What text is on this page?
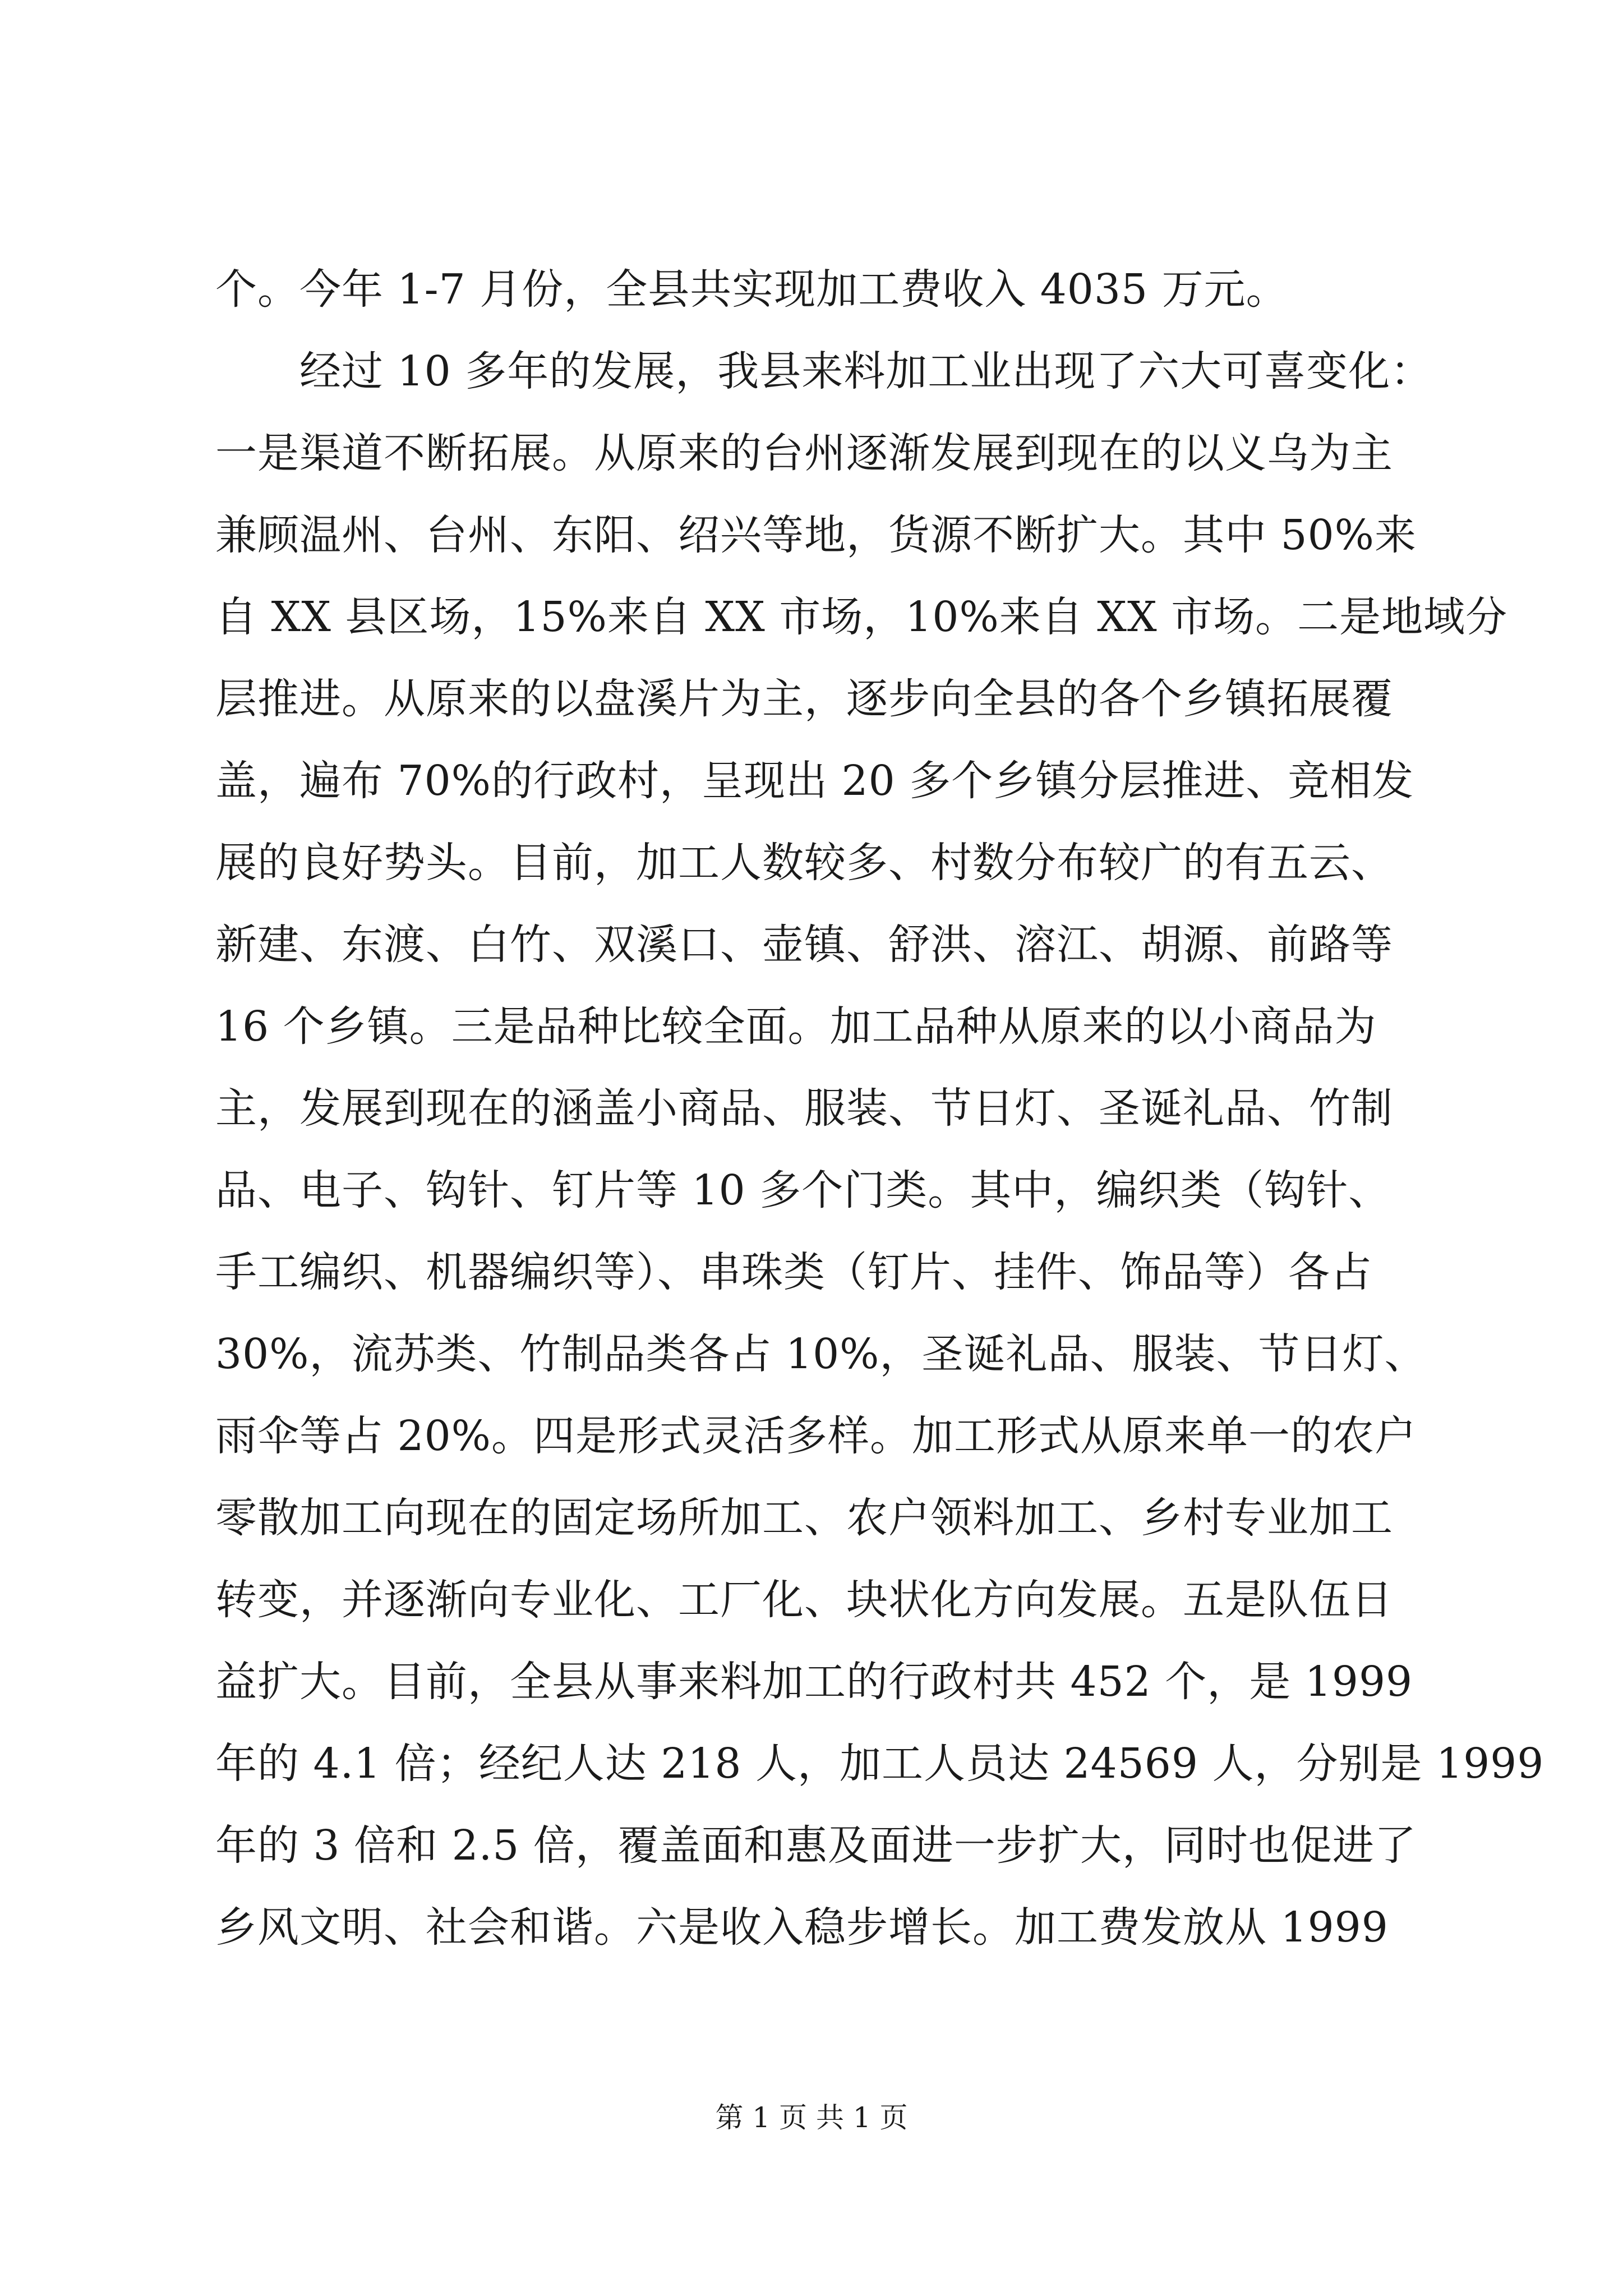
个。今年 1-7 月份，全县共实现加工费收入 4035 万元。
　　经过 10 多年的发展，我县来料加工业出现了六大可喜变化：
一是渠道不断拓展。从原来的台州逐渐发展到现在的以义乌为主
兼顾温州、台州、东阳、绍兴等地，货源不断扩大。其中 50%来
自 XX 县区场，15%来自 XX 市场，10%来自 XX 市场。二是地域分
层推进。从原来的以盘溪片为主，逐步向全县的各个乡镇拓展覆
盖，遍布 70%的行政村，呈现出 20 多个乡镇分层推进、竞相发
展的良好势头。目前，加工人数较多、村数分布较广的有五云、
新建、东渡、白竹、双溪口、壶镇、舒洪、溶江、胡源、前路等
16 个乡镇。三是品种比较全面。加工品种从原来的以小商品为
主，发展到现在的涵盖小商品、服装、节日灯、圣诞礼品、竹制
品、电子、钩针、钉片等 10 多个门类。其中，编织类（钩针、
手工编织、机器编织等）、串珠类（钉片、挂件、饰品等）各占
30%，流苏类、竹制品类各占 10%，圣诞礼品、服装、节日灯、
雨伞等占 20%。四是形式灵活多样。加工形式从原来单一的农户
零散加工向现在的固定场所加工、农户领料加工、乡村专业加工
转变，并逐渐向专业化、工厂化、块状化方向发展。五是队伍日
益扩大。目前，全县从事来料加工的行政村共 452 个，是 1999
年的 4.1 倍；经纪人达 218 人，加工人员达 24569 人，分别是 1999
年的 3 倍和 2.5 倍，覆盖面和惠及面进一步扩大，同时也促进了
乡风文明、社会和谐。六是收入稳步增长。加工费发放从 1999
第 1 页 共 1 页
